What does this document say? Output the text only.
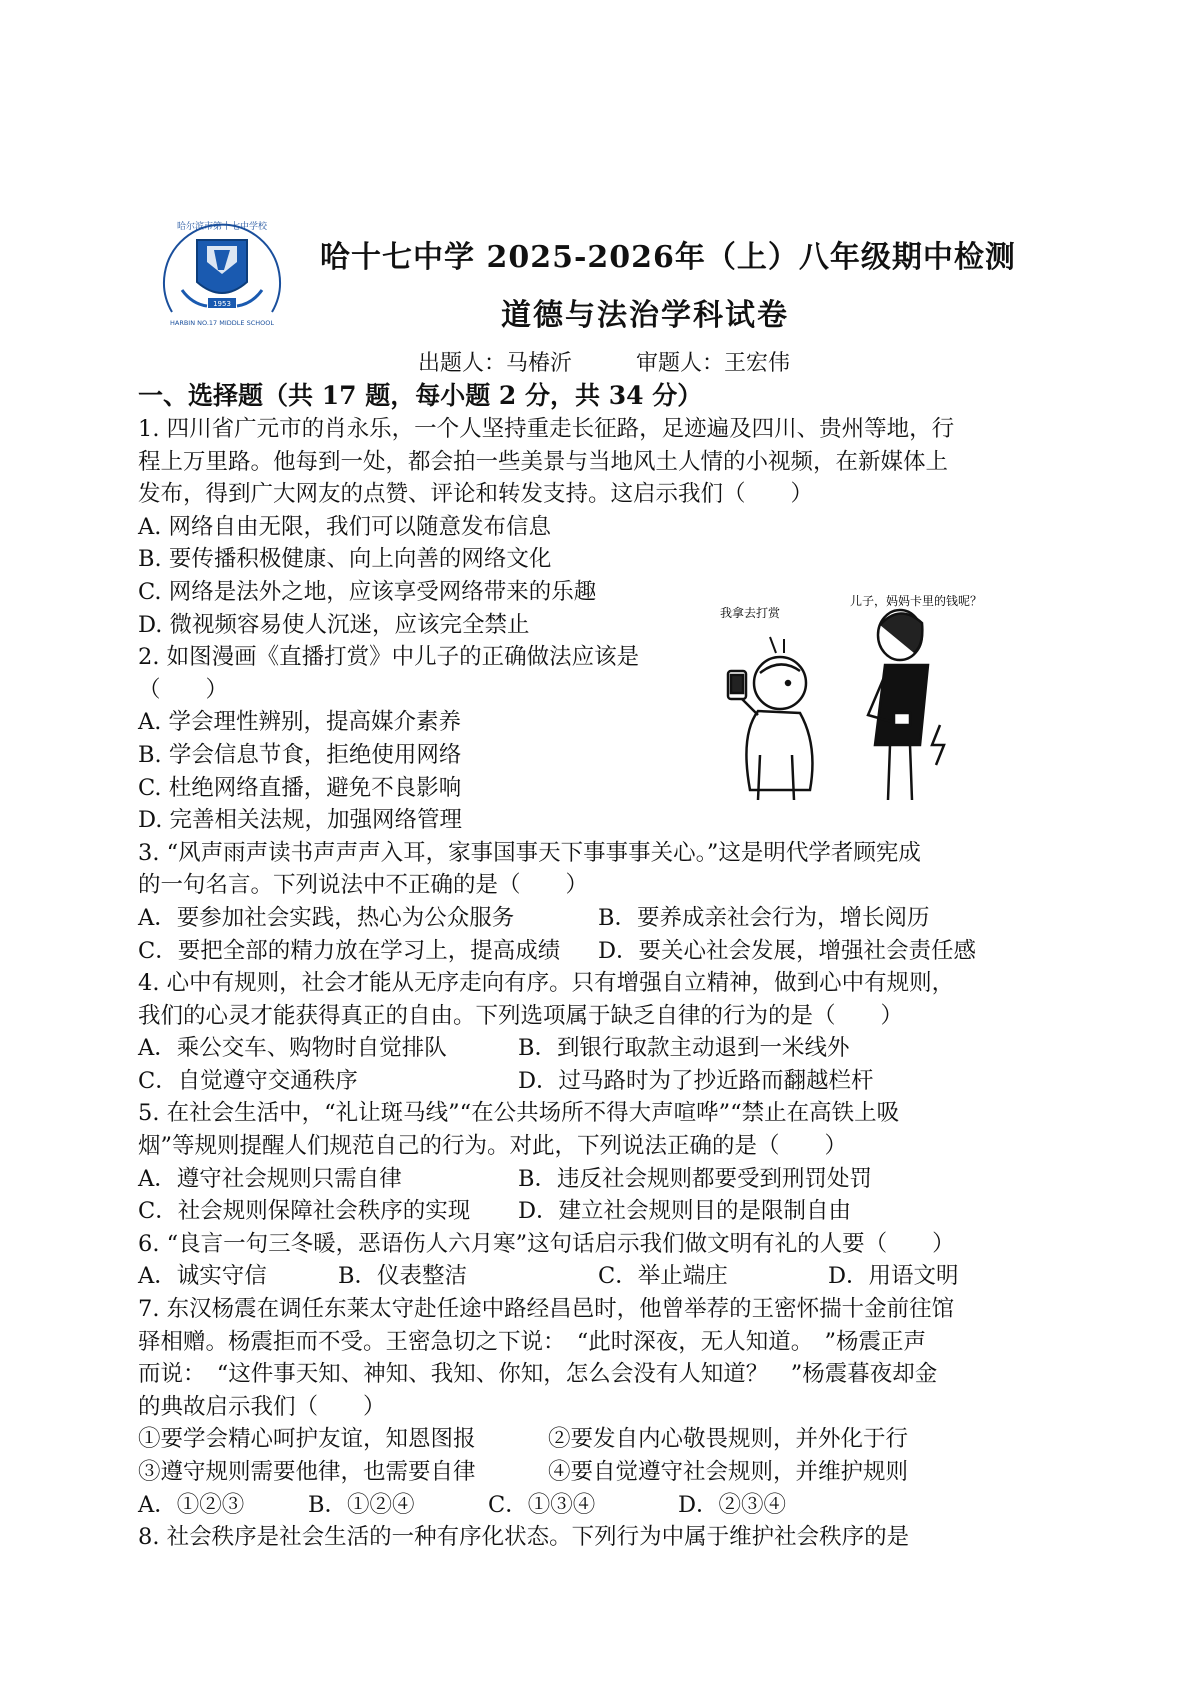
1953
哈尔滨市第十七中学校
HARBIN NO.17 MIDDLE SCHOOL
哈十七中学 2025-2026年（上）八年级期中检测
道德与法治学科试卷
出题人：马椿沂	审题人：王宏伟
一、选择题（共 17 题，每小题 2 分，共 34 分）
1. 四川省广元市的肖永乐，一个人坚持重走长征路，足迹遍及四川、贵州等地，行
程上万里路。他每到一处，都会拍一些美景与当地风土人情的小视频，在新媒体上
发布，得到广大网友的点赞、评论和转发支持。这启示我们（　　）
A. 网络自由无限，我们可以随意发布信息
B. 要传播积极健康、向上向善的网络文化
C. 网络是法外之地，应该享受网络带来的乐趣
D. 微视频容易使人沉迷，应该完全禁止
2. 如图漫画《直播打赏》中儿子的正确做法应该是
（　　）
A. 学会理性辨别，提高媒介素养
B. 学会信息节食，拒绝使用网络
C. 杜绝网络直播，避免不良影响
D. 完善相关法规，加强网络管理
3. “风声雨声读书声声声入耳，家事国事天下事事事关心。”这是明代学者顾宪成
的一句名言。下列说法中不正确的是（　　）
A．要参加社会实践，热心为公众服务	B．要养成亲社会行为，增长阅历
C．要把全部的精力放在学习上，提高成绩	D．要关心社会发展，增强社会责任感
4. 心中有规则，社会才能从无序走向有序。只有增强自立精神，做到心中有规则，
我们的心灵才能获得真正的自由。下列选项属于缺乏自律的行为的是（　　）
A．乘公交车、购物时自觉排队	B．到银行取款主动退到一米线外
C．自觉遵守交通秩序	D．过马路时为了抄近路而翻越栏杆
5. 在社会生活中，“礼让斑马线”“在公共场所不得大声喧哗”“禁止在高铁上吸
烟”等规则提醒人们规范自己的行为。对此，下列说法正确的是（　　）
A．遵守社会规则只需自律	B．违反社会规则都要受到刑罚处罚
C．社会规则保障社会秩序的实现	D．建立社会规则目的是限制自由
6. “良言一句三冬暖，恶语伤人六月寒”这句话启示我们做文明有礼的人要（　　）
A．诚实守信	B．仪表整洁	C．举止端庄	D．用语文明
7. 东汉杨震在调任东莱太守赴任途中路经昌邑时，他曾举荐的王密怀揣十金前往馆
驿相赠。杨震拒而不受。王密急切之下说：　“此时深夜，无人知道。　”杨震正声
而说：　“这件事天知、神知、我知、你知，怎么会没有人知道？　”杨震暮夜却金
的典故启示我们（　　）
①要学会精心呵护友谊，知恩图报	②要发自内心敬畏规则，并外化于行
③遵守规则需要他律，也需要自律	④要自觉遵守社会规则，并维护规则
A．①②③	B．①②④	C．①③④	D．②③④
8. 社会秩序是社会生活的一种有序化状态。下列行为中属于维护社会秩序的是
我拿去打赏
儿子，妈妈卡里的钱呢？
